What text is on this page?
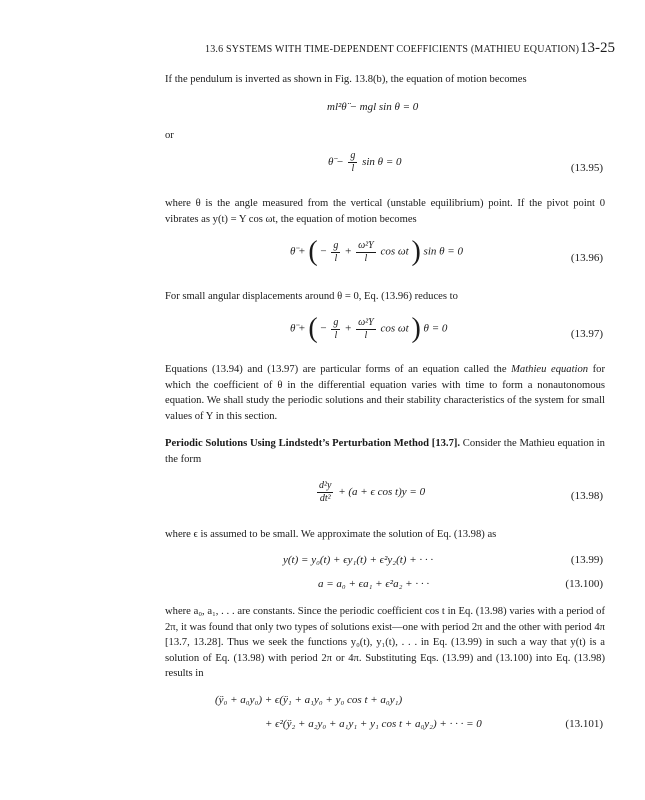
13.6 SYSTEMS WITH TIME-DEPENDENT COEFFICIENTS (MATHIEU EQUATION) 13-25

If the pendulum is inverted as shown in Fig. 13.8(b), the equation of motion becomes

ml²θ̈ − mgl sin θ = 0

or

θ̈ − $\frac{g}{l}$ sin θ = 0	(13.95)

where θ is the angle measured from the vertical (unstable equilibrium) point. If the pivot point 0 vibrates as y(t) = Y cos ωt, the equation of motion becomes

θ̈ + ( − $\frac{g}{l} + \frac{\text{ω²Y}}{l}$ cos ωt ) sin θ = 0
(13.96)

For small angular displacements around θ = 0, Eq. (13.96) reduces to

θ̈ + ( − $\frac{g}{l} + \frac{\text{ω²Y}}{l}$ cos ωt ) θ = 0	(13.97)

Equations (13.94) and (13.97) are particular forms of an equation called the Mathieu equation for which the coefficient of θ in the differential equation varies with time to form a nonautonomous equation. We shall study the periodic solutions and their stability characteristics of the system for small values of Y in this section.

Periodic Solutions Using Lindstedt’s Perturbation Method [13.7]. Consider the Mathieu equation in the form

$\frac{\text{d²y}}{\text{dt²}} + (a + \epsilon$ cos t)y = 0	(13.98)

where ϵ is assumed to be small. We approximate the solution of Eq. (13.98) as

y(t) = y₀(t) + ϵy₁(t) + ϵ²y₂(t) + · · ·	(13.99)
a = a₀ + ϵa₁ + ϵ²a₂ + · · ·	(13.100)

where a₀, a₁, . . . are constants. Since the periodic coefficient cos t in Eq. (13.98) varies with a period of 2π, it was found that only two types of solutions exist—one with period 2π and the other with period 4π [13.7, 13.28]. Thus we seek the functions y₀(t), y₁(t), . . . in Eq. (13.99) in such a way that y(t) is a solution of Eq. (13.98) with period 2π or 4π. Substituting Eqs. (13.99) and (13.100) into Eq. (13.98) results in

(ÿ₀ + a₀y₀) + ϵ(ÿ₁ + a₁y₀ + y₀ cos t + a₀y₁)
+ ϵ²(ÿ₂ + a₂y₀ + a₁y₁ + y₁ cos t + a₀y₂) + · · · = 0	(13.101)
